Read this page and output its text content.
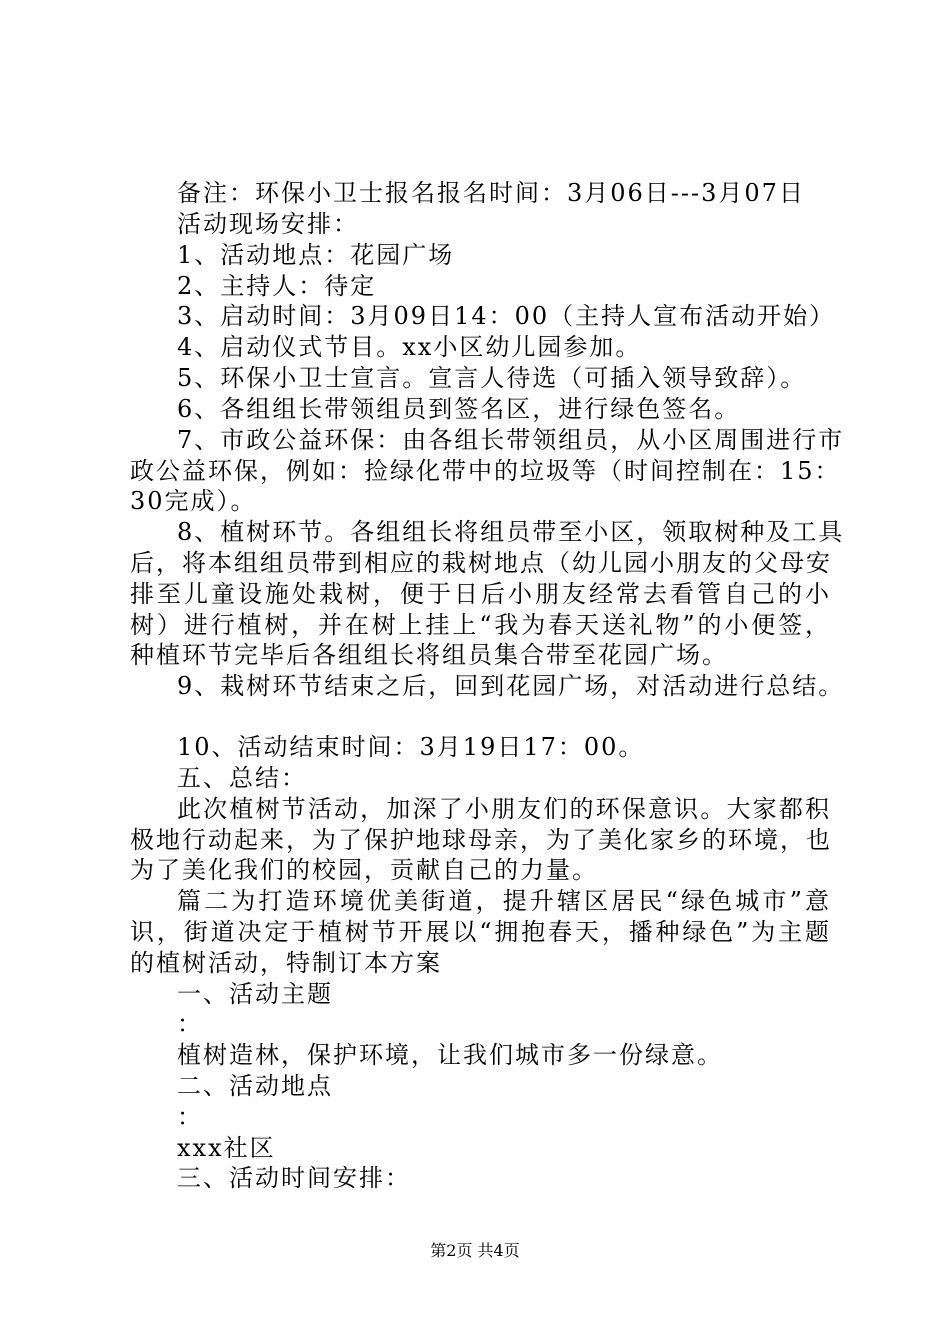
备注：环保小卫士报名报名时间：3月06日---3月07日
活动现场安排：
1、活动地点：花园广场
2、主持人：待定
3、启动时间：3月09日14：00（主持人宣布活动开始）
4、启动仪式节目。xx小区幼儿园参加。
5、环保小卫士宣言。宣言人待选（可插入领导致辞）。
6、各组组长带领组员到签名区，进行绿色签名。
7、市政公益环保：由各组长带领组员，从小区周围进行市
政公益环保，例如：捡绿化带中的垃圾等（时间控制在：15：
30完成）。
8、植树环节。各组组长将组员带至小区，领取树种及工具
后，将本组组员带到相应的栽树地点（幼儿园小朋友的父母安
排至儿童设施处栽树，便于日后小朋友经常去看管自己的小
树）进行植树，并在树上挂上“我为春天送礼物”的小便签，
种植环节完毕后各组组长将组员集合带至花园广场。
9、栽树环节结束之后，回到花园广场，对活动进行总结。
10、活动结束时间：3月19日17：00。
五、总结：
此次植树节活动，加深了小朋友们的环保意识。大家都积
极地行动起来，为了保护地球母亲，为了美化家乡的环境，也
为了美化我们的校园，贡献自己的力量。
篇二为打造环境优美街道，提升辖区居民“绿色城市”意
识，街道决定于植树节开展以“拥抱春天，播种绿色”为主题
的植树活动，特制订本方案
一、活动主题
：
植树造林，保护环境，让我们城市多一份绿意。
二、活动地点
：
xxx社区
三、活动时间安排：
第2页 共4页
